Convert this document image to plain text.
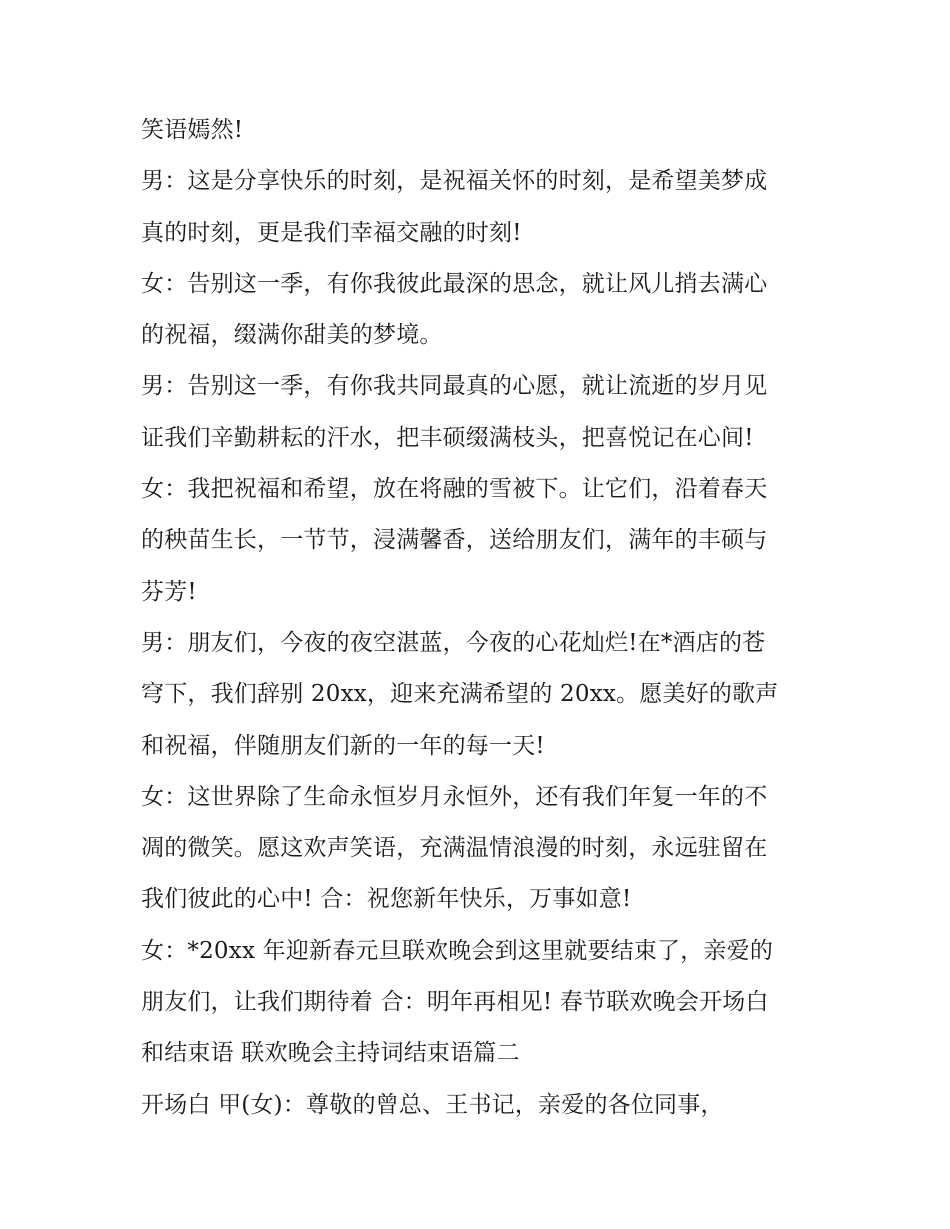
笑语嫣然!
男：这是分享快乐的时刻，是祝福关怀的时刻，是希望美梦成
真的时刻，更是我们幸福交融的时刻!
女：告别这一季，有你我彼此最深的思念，就让风儿捎去满心
的祝福，缀满你甜美的梦境。
男：告别这一季，有你我共同最真的心愿，就让流逝的岁月见
证我们辛勤耕耘的汗水，把丰硕缀满枝头，把喜悦记在心间!
女：我把祝福和希望，放在将融的雪被下。让它们，沿着春天
的秧苗生长，一节节，浸满馨香，送给朋友们，满年的丰硕与
芬芳!
男：朋友们，今夜的夜空湛蓝，今夜的心花灿烂!在*酒店的苍
穹下，我们辞别 20xx，迎来充满希望的 20xx。愿美好的歌声
和祝福，伴随朋友们新的一年的每一天!
女：这世界除了生命永恒岁月永恒外，还有我们年复一年的不
凋的微笑。愿这欢声笑语，充满温情浪漫的时刻，永远驻留在
我们彼此的心中! 合：祝您新年快乐，万事如意!
女：*20xx 年迎新春元旦联欢晚会到这里就要结束了，亲爱的
朋友们，让我们期待着 合：明年再相见! 春节联欢晚会开场白
和结束语 联欢晚会主持词结束语篇二
开场白 甲(女)：尊敬的曾总、王书记，亲爱的各位同事，
